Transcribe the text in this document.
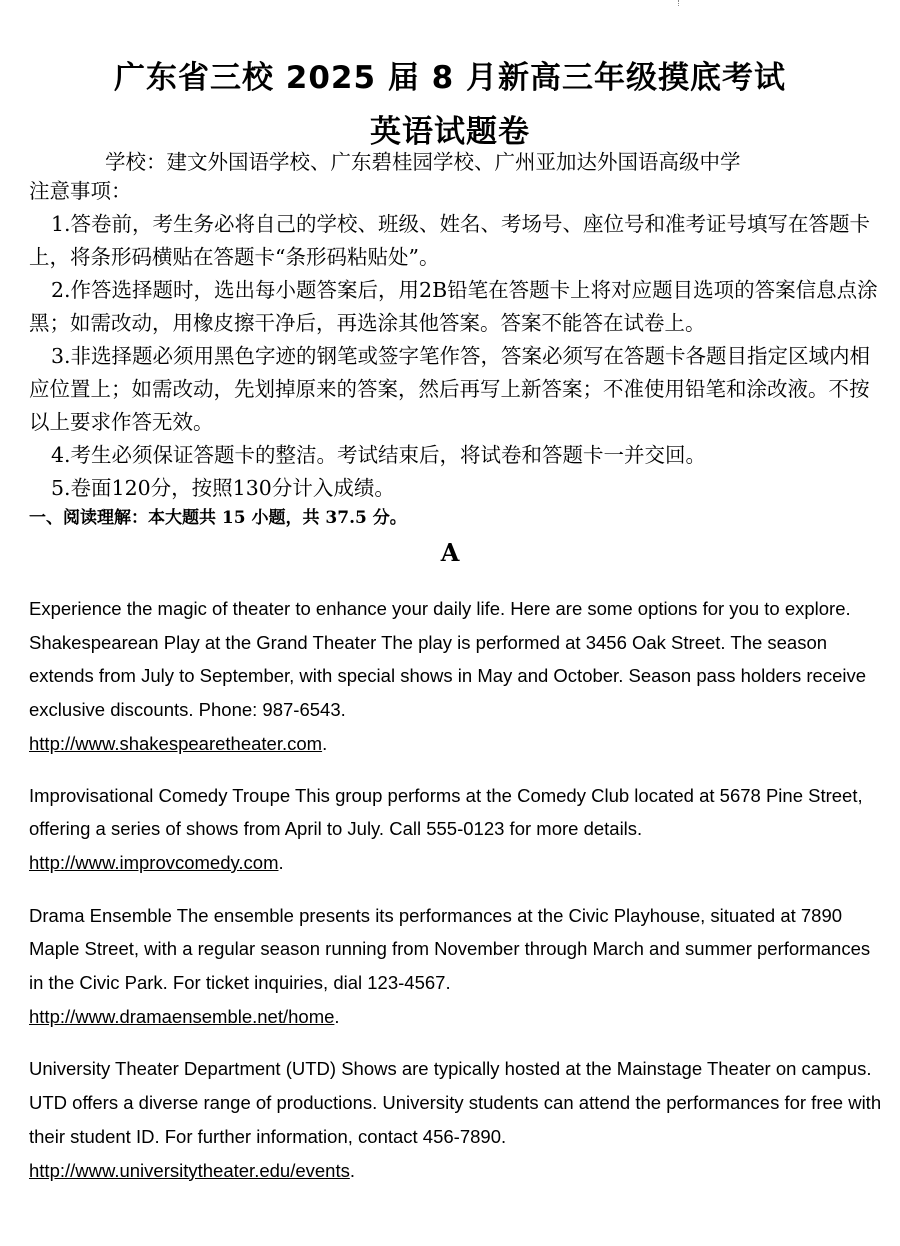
广东省三校 2025 届 8 月新高三年级摸底考试
英语试题卷
学校：建文外国语学校、广东碧桂园学校、广州亚加达外国语高级中学

注意事项：

1.答卷前，考生务必将自己的学校、班级、姓名、考场号、座位号和准考证号填写在答题卡上，将条形码横贴在答题卡“条形码粘贴处”。

2.作答选择题时，选出每小题答案后，用2B铅笔在答题卡上将对应题目选项的答案信息点涂黑；如需改动，用橡皮擦干净后，再选涂其他答案。答案不能答在试卷上。

3.非选择题必须用黑色字迹的钢笔或签字笔作答，答案必须写在答题卡各题目指定区域内相应位置上；如需改动，先划掉原来的答案，然后再写上新答案；不准使用铅笔和涂改液。不按以上要求作答无效。

4.考生必须保证答题卡的整洁。考试结束后，将试卷和答题卡一并交回。

5.卷面120分，按照130分计入成绩。

一、阅读理解：本大题共 15 小题，共 37.5 分。
A

Experience the magic of theater to enhance your daily life. Here are some options for you to explore. Shakespearean Play at the Grand Theater The play is performed at 3456 Oak Street. The season extends from July to September, with special shows in May and October. Season pass holders receive exclusive discounts. Phone: 987-6543.
http://www.shakespearetheater.com.

Improvisational Comedy Troupe This group performs at the Comedy Club located at 5678 Pine Street, offering a series of shows from April to July. Call 555-0123 for more details.
http://www.improvcomedy.com.

Drama Ensemble The ensemble presents its performances at the Civic Playhouse, situated at 7890 Maple Street, with a regular season running from November through March and summer performances in the Civic Park. For ticket inquiries, dial 123-4567.
http://www.dramaensemble.net/home.

University Theater Department (UTD) Shows are typically hosted at the Mainstage Theater on campus. UTD offers a diverse range of productions. University students can attend the performances for free with their student ID. For further information, contact 456-7890.
http://www.universitytheater.edu/events.
